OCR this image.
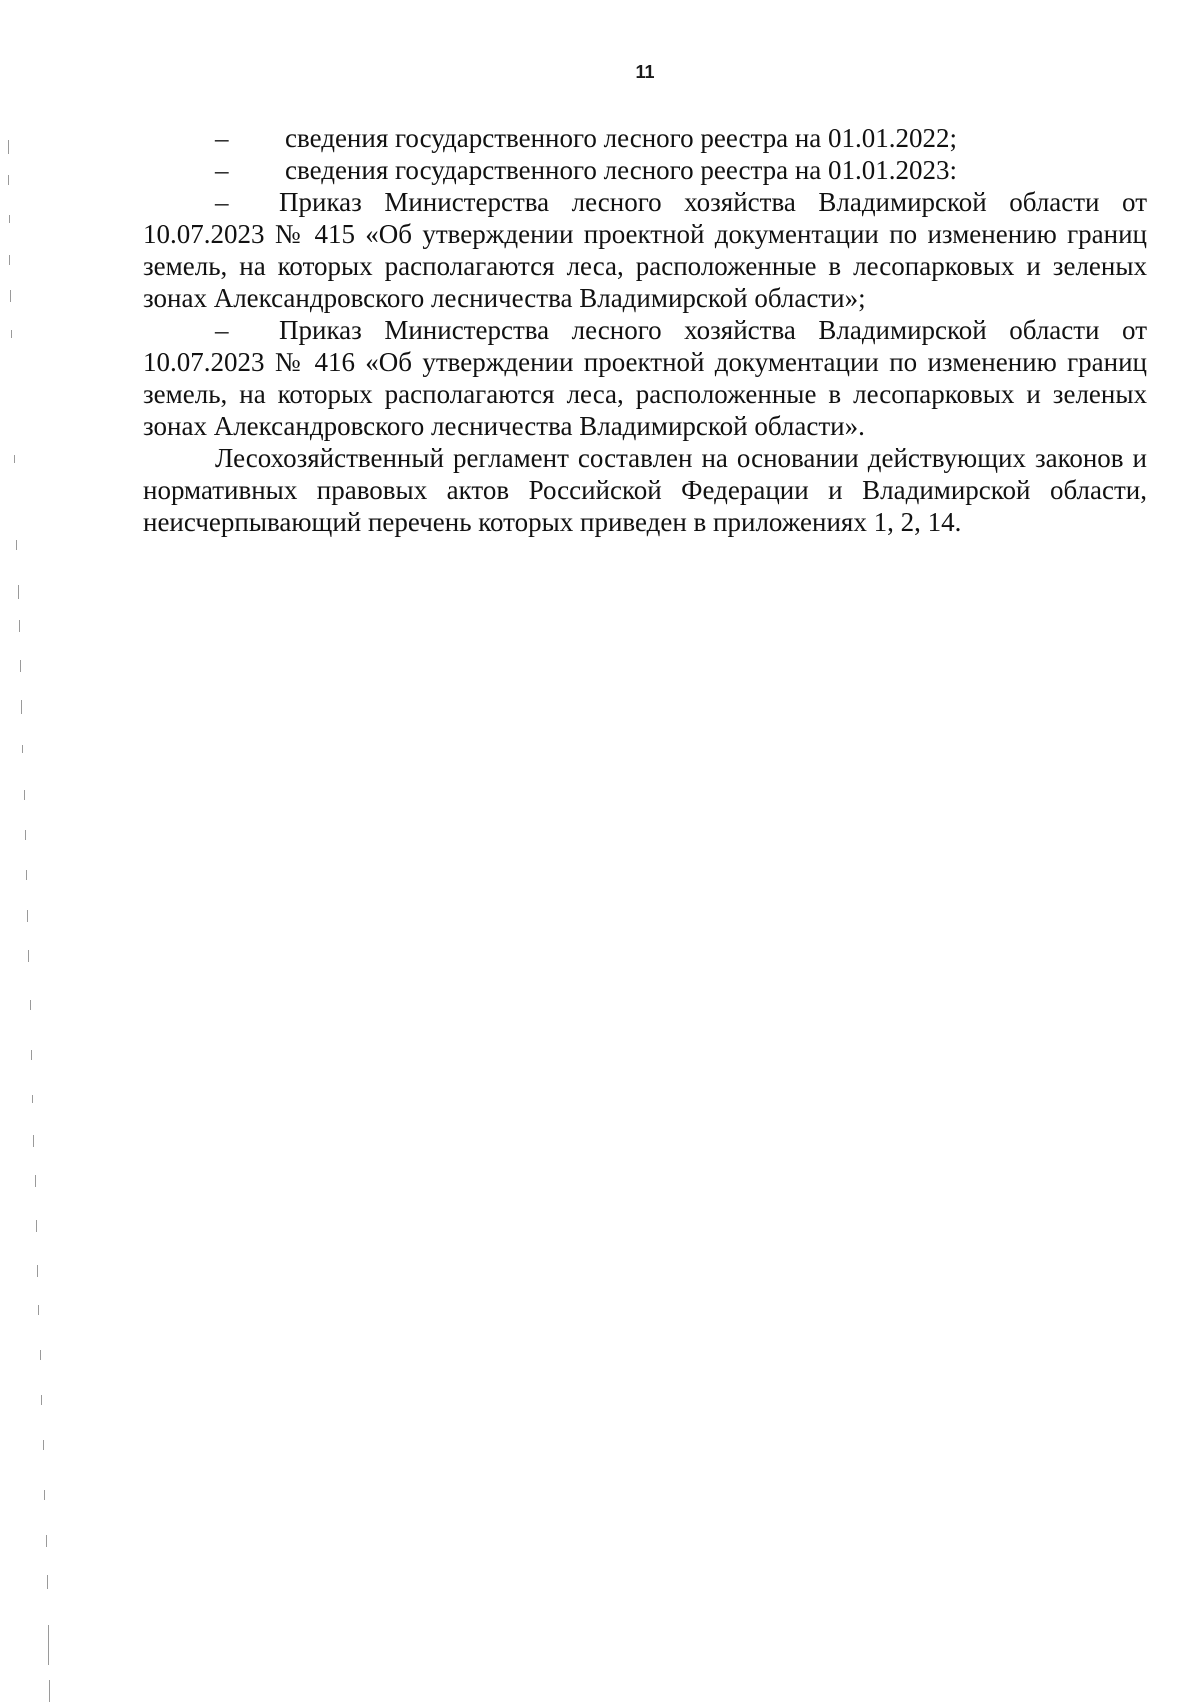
11

– сведения государственного лесного реестра на 01.01.2022;

– сведения государственного лесного реестра на 01.01.2023:

– Приказ Министерства лесного хозяйства Владимирской области от 10.07.2023 № 415 «Об утверждении проектной документации по изменению границ земель, на которых располагаются леса, расположенные в лесопарковых и зеленых зонах Александровского лесничества Владимирской области»;

– Приказ Министерства лесного хозяйства Владимирской области от 10.07.2023 № 416 «Об утверждении проектной документации по изменению границ земель, на которых располагаются леса, расположенные в лесопарковых и зеленых зонах Александровского лесничества Владимирской области».

Лесохозяйственный регламент составлен на основании действующих законов и нормативных правовых актов Российской Федерации и Владимирской области, неисчерпывающий перечень которых приведен в приложениях 1, 2, 14.
